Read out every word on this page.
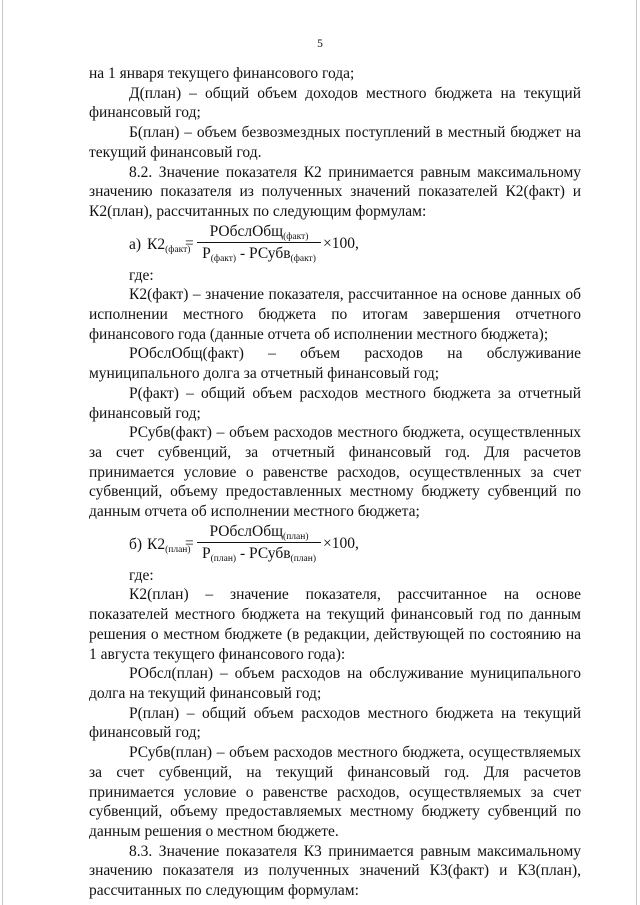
5

на 1 января текущего финансового года;

Д(план) – общий объем доходов местного бюджета на текущий финансовый год;

Б(план) – объем безвозмездных поступлений в местный бюджет на текущий финансовый год.

8.2. Значение показателя К2 принимается равным максимальному значению показателя из полученных значений показателей К2(факт) и К2(план), рассчитанных по следующим формулам:

а) $К2_{(факт)}$
=
РОбслОбщ$_{(факт)}$
$Р_{(факт)}$ - РСубв$_{(факт)}$
×100,

где:

К2(факт) – значение показателя, рассчитанное на основе данных об исполнении местного бюджета по итогам завершения отчетного финансового года (данные отчета об исполнении местного бюджета);

РОбслОбщ(факт) – объем расходов на обслуживание муниципального долга за отчетный финансовый год;

Р(факт) – общий объем расходов местного бюджета за отчетный финансовый год;

РСубв(факт) – объем расходов местного бюджета, осуществленных за счет субвенций, за отчетный финансовый год. Для расчетов принимается условие о равенстве расходов, осуществленных за счет субвенций, объему предоставленных местному бюджету субвенций по данным отчета об исполнении местного бюджета;

б) $К2_{(план)}$
=
РОбслОбщ$_{(план)}$
$Р_{(план)}$ - РСубв$_{(план)}$
×100,

где:

К2(план) – значение показателя, рассчитанное на основе показателей местного бюджета на текущий финансовый год по данным решения о местном бюджете (в редакции, действующей по состоянию на 1 августа текущего финансового года):

РОбсл(план) – объем расходов на обслуживание муниципального долга на текущий финансовый год;

Р(план) – общий объем расходов местного бюджета на текущий финансовый год;

РСубв(план) – объем расходов местного бюджета, осуществляемых за счет субвенций, на текущий финансовый год. Для расчетов принимается условие о равенстве расходов, осуществляемых за счет субвенций, объему предоставляемых местному бюджету субвенций по данным решения о местном бюджете.

8.3. Значение показателя К3 принимается равным максимальному значению показателя из полученных значений К3(факт) и К3(план), рассчитанных по следующим формулам:
